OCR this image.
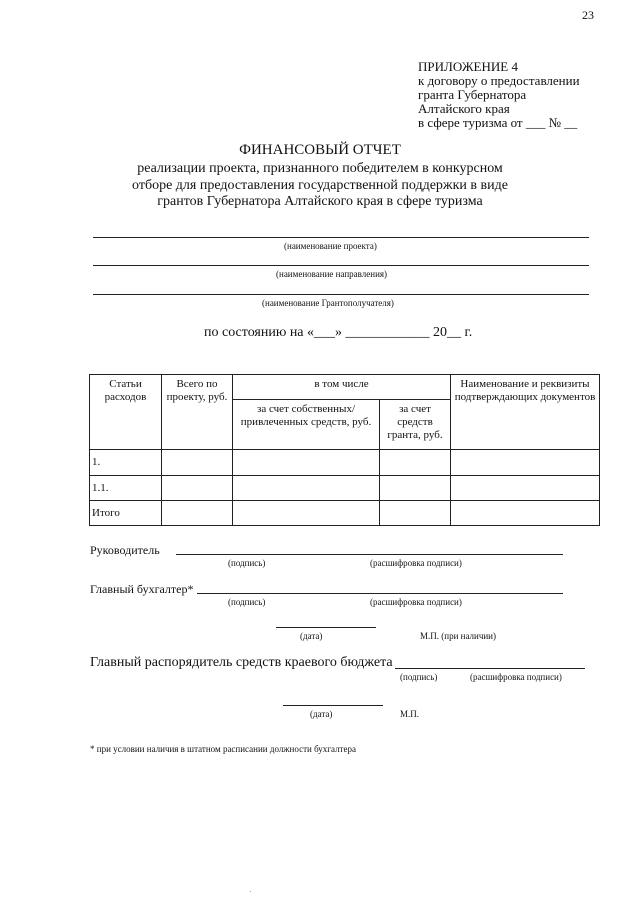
23
ПРИЛОЖЕНИЕ 4
к договору о предоставлении
гранта Губернатора
Алтайского края
в сфере туризма от ___ № __
ФИНАНСОВЫЙ ОТЧЕТ
реализации проекта, признанного победителем в конкурсном отборе для предоставления государственной поддержки в виде грантов Губернатора Алтайского края в сфере туризма
(наименование проекта)
(наименование направления)
(наименование Грантополучателя)
по состоянию на «___» ____________ 20__ г.
Статьи расходов	Всего по проекту, руб.	в том числе		Наименование и реквизиты подтверждающих документов
		за счет собственных/привлеченных средств, руб.	за счет средств гранта, руб.	
1.				
1.1.				
Итого				
Руководитель
(подпись)	(расшифровка подписи)
Главный бухгалтер*
(подпись)	(расшифровка подписи)
(дата)	М.П. (при наличии)
Главный распорядитель средств краевого бюджета
(подпись)	(расшифровка подписи)
(дата)	М.П.
* при условии наличия в штатном расписании должности бухгалтера
.
